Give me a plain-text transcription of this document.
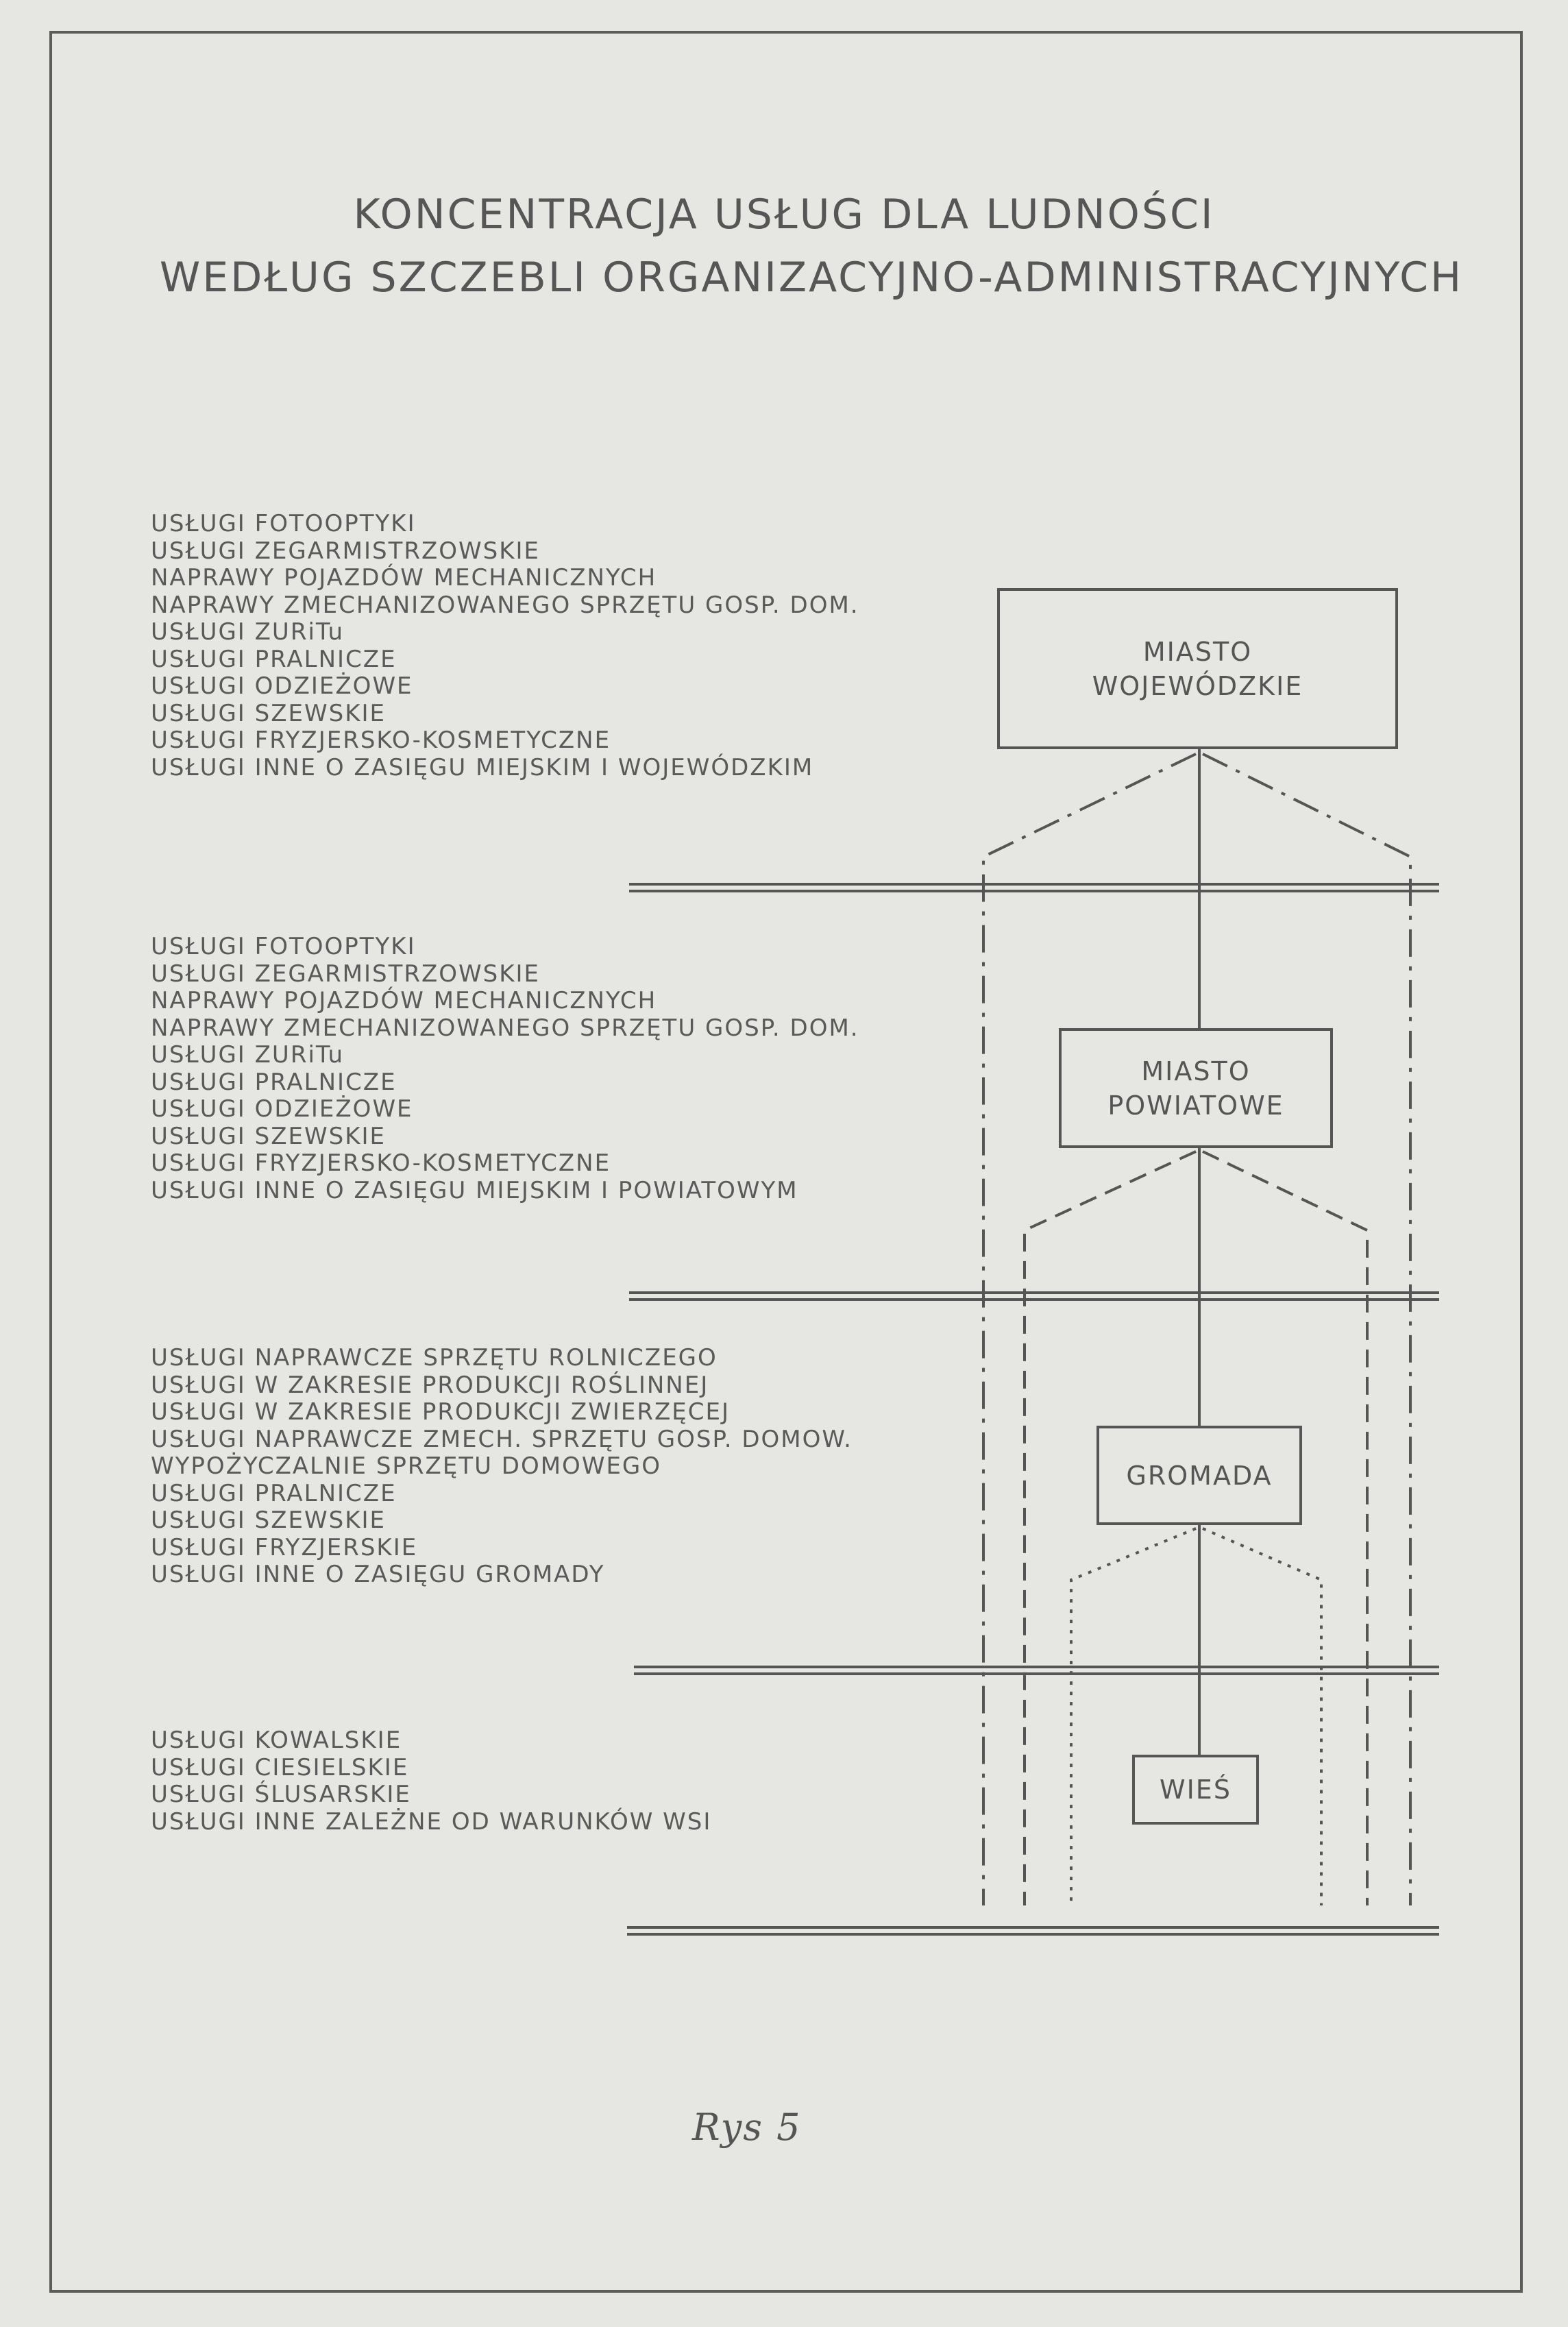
KONCENTRACJA USŁUG DLA LUDNOŚCI
WEDŁUG SZCZEBLI ORGANIZACYJNO-ADMINISTRACYJNYCH
USŁUGI FOTOOPTYKI
USŁUGI ZEGARMISTRZOWSKIE
NAPRAWY POJAZDÓW MECHANICZNYCH
NAPRAWY ZMECHANIZOWANEGO SPRZĘTU GOSP. DOM.
USŁUGI ZURiTu
USŁUGI PRALNICZE
USŁUGI ODZIEŻOWE
USŁUGI SZEWSKIE
USŁUGI FRYZJERSKO-KOSMETYCZNE
USŁUGI INNE O ZASIĘGU MIEJSKIM I WOJEWÓDZKIM
USŁUGI FOTOOPTYKI
USŁUGI ZEGARMISTRZOWSKIE
NAPRAWY POJAZDÓW MECHANICZNYCH
NAPRAWY ZMECHANIZOWANEGO SPRZĘTU GOSP. DOM.
USŁUGI ZURiTu
USŁUGI PRALNICZE
USŁUGI ODZIEŻOWE
USŁUGI SZEWSKIE
USŁUGI FRYZJERSKO-KOSMETYCZNE
USŁUGI INNE O ZASIĘGU MIEJSKIM I POWIATOWYM
USŁUGI NAPRAWCZE SPRZĘTU ROLNICZEGO
USŁUGI W ZAKRESIE PRODUKCJI ROŚLINNEJ
USŁUGI W ZAKRESIE PRODUKCJI ZWIERZĘCEJ
USŁUGI NAPRAWCZE ZMECH. SPRZĘTU GOSP. DOMOW.
WYPOŻYCZALNIE SPRZĘTU DOMOWEGO
USŁUGI PRALNICZE
USŁUGI SZEWSKIE
USŁUGI FRYZJERSKIE
USŁUGI INNE O ZASIĘGU GROMADY
USŁUGI KOWALSKIE
USŁUGI CIESIELSKIE
USŁUGI ŚLUSARSKIE
USŁUGI INNE ZALEŻNE OD WARUNKÓW WSI
MIASTO
WOJEWÓDZKIE
MIASTO
POWIATOWE
GROMADA
WIEŚ
Rys 5
